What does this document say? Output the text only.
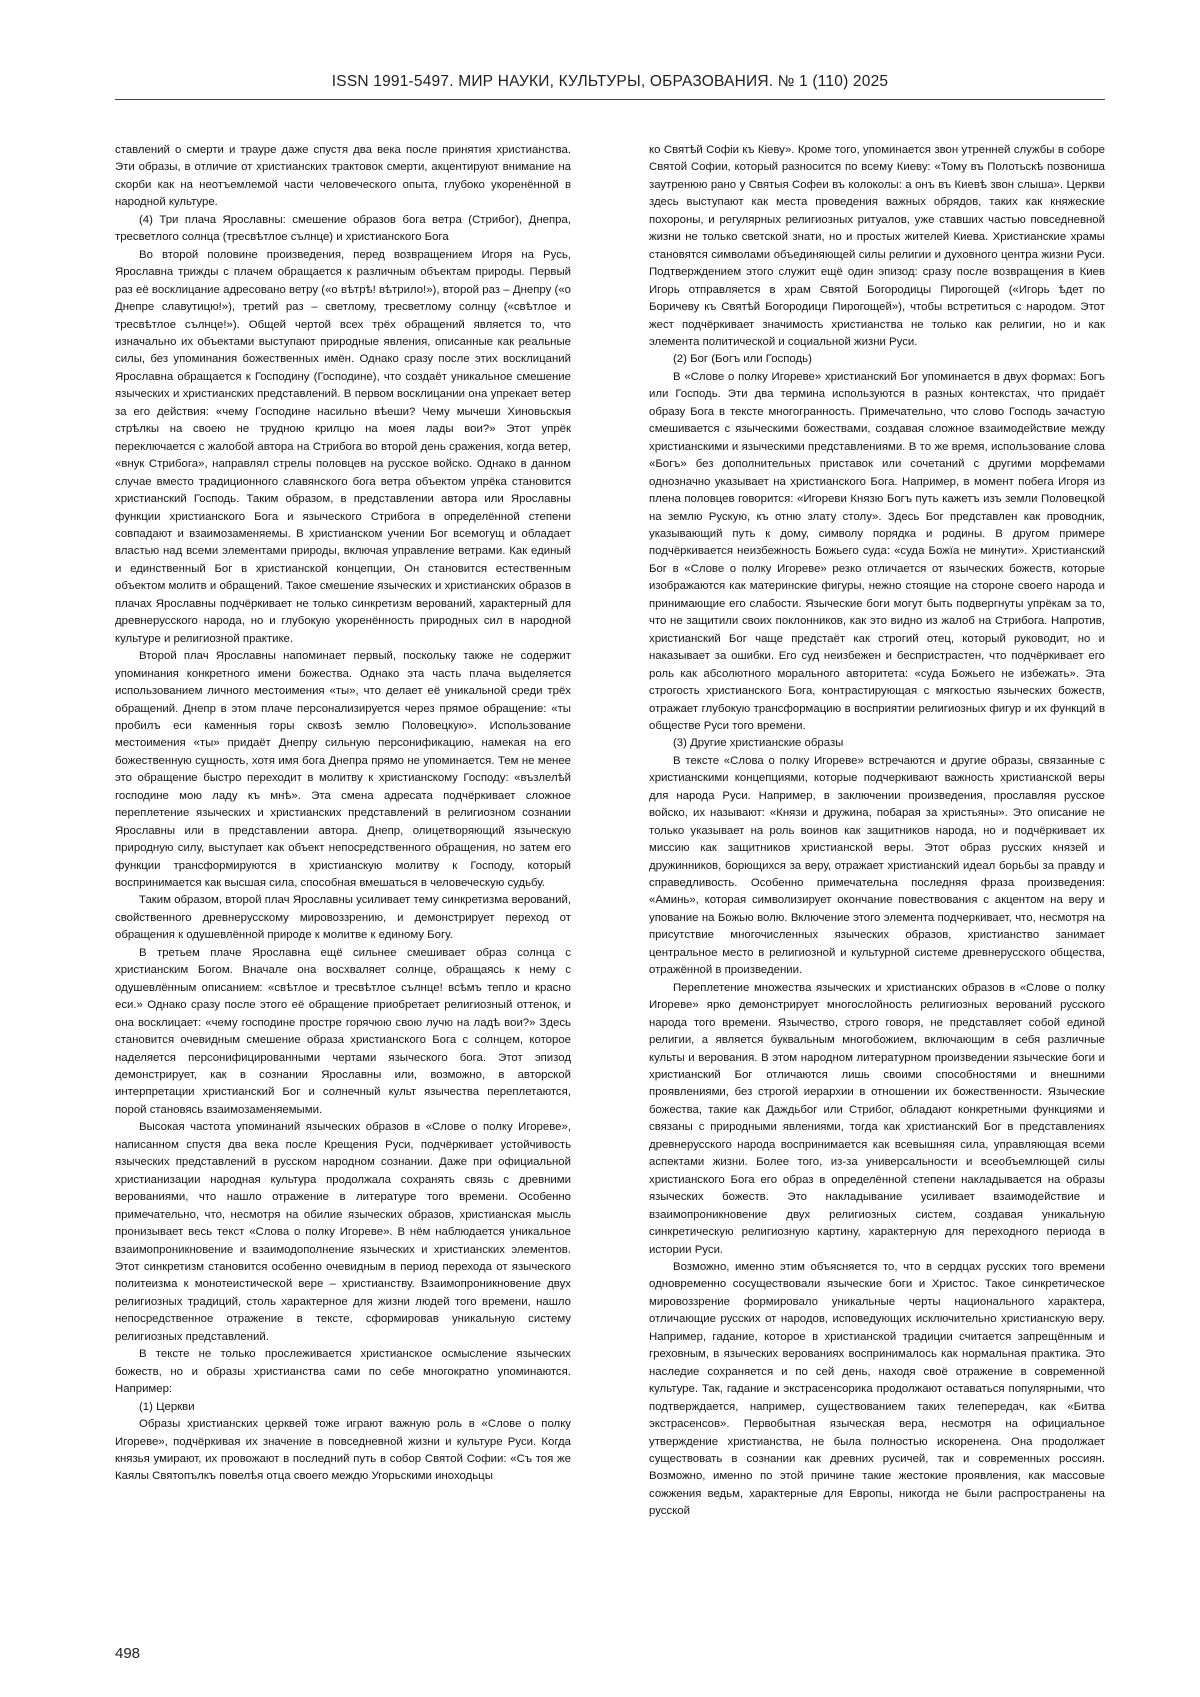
ISSN 1991-5497. МИР НАУКИ, КУЛЬТУРЫ, ОБРАЗОВАНИЯ. № 1 (110) 2025

ставлений о смерти и трауре даже спустя два века после принятия христианства. Эти образы, в отличие от христианских трактовок смерти, акцентируют внимание на скорби как на неотъемлемой части человеческого опыта, глубоко укоренённой в народной культуре.

(4) Три плача Ярославны: смешение образов бога ветра (Стрибог), Днепра, тресветлого солнца (тресвѣтлое сълнце) и христианского Бога

Во второй половине произведения, перед возвращением Игоря на Русь, Ярославна трижды с плачем обращается к различным объектам природы. Первый раз её восклицание адресовано ветру («о вѣтрѣ! вѣтрило!»), второй раз – Днепру («о Днепре славутицю!»), третий раз – светлому, тресветлому солнцу («свѣтлое и тресвѣтлое сълнце!»). Общей чертой всех трёх обращений является то, что изначально их объектами выступают природные явления, описанные как реальные силы, без упоминания божественных имён. Однако сразу после этих восклицаний Ярославна обращается к Господину (Господине), что создаёт уникальное смешение языческих и христианских представлений. В первом восклицании она упрекает ветер за его действия: «чему Господине насильно вѣеши? Чему мычеши Хиновьскыя стрѣлкы на своею не трудною крилцю на моея лады вои?» Этот упрёк переключается с жалобой автора на Стрибога во второй день сражения, когда ветер, «внук Стрибога», направлял стрелы половцев на русское войско. Однако в данном случае вместо традиционного славянского бога ветра объектом упрёка становится христианский Господь. Таким образом, в представлении автора или Ярославны функции христианского Бога и языческого Стрибога в определённой степени совпадают и взаимозаменяемы. В христианском учении Бог всемогущ и обладает властью над всеми элементами природы, включая управление ветрами. Как единый и единственный Бог в христианской концепции, Он становится естественным объектом молитв и обращений. Такое смешение языческих и христианских образов в плачах Ярославны подчёркивает не только синкретизм верований, характерный для древнерусского народа, но и глубокую укоренённость природных сил в народной культуре и религиозной практике.

Второй плач Ярославны напоминает первый, поскольку также не содержит упоминания конкретного имени божества. Однако эта часть плача выделяется использованием личного местоимения «ты», что делает её уникальной среди трёх обращений. Днепр в этом плаче персонализируется через прямое обращение: «ты пробилъ еси каменныя горы сквозѣ землю Половецкую». Использование местоимения «ты» придаёт Днепру сильную персонификацию, намекая на его божественную сущность, хотя имя бога Днепра прямо не упоминается. Тем не менее это обращение быстро переходит в молитву к христианскому Господу: «възлелѣй господине мою ладу къ мнѣ». Эта смена адресата подчёркивает сложное переплетение языческих и христианских представлений в религиозном сознании Ярославны или в представлении автора. Днепр, олицетворяющий языческую природную силу, выступает как объект непосредственного обращения, но затем его функции трансформируются в христианскую молитву к Господу, который воспринимается как высшая сила, способная вмешаться в человеческую судьбу.

Таким образом, второй плач Ярославны усиливает тему синкретизма верований, свойственного древнерусскому мировоззрению, и демонстрирует переход от обращения к одушевлённой природе к молитве к единому Богу.

В третьем плаче Ярославна ещё сильнее смешивает образ солнца с христианским Богом. Вначале она восхваляет солнце, обращаясь к нему с одушевлённым описанием: «свѣтлое и тресвѣтлое сълнце! всѣмъ тепло и красно еси.» Однако сразу после этого её обращение приобретает религиозный оттенок, и она восклицает: «чему господине простре горячюю свою лучю на ладѣ вои?» Здесь становится очевидным смешение образа христианского Бога с солнцем, которое наделяется персонифицированными чертами языческого бога. Этот эпизод демонстрирует, как в сознании Ярославны или, возможно, в авторской интерпретации христианский Бог и солнечный культ язычества переплетаются, порой становясь взаимозаменяемыми.

Высокая частота упоминаний языческих образов в «Слове о полку Игореве», написанном спустя два века после Крещения Руси, подчёркивает устойчивость языческих представлений в русском народном сознании. Даже при официальной христианизации народная культура продолжала сохранять связь с древними верованиями, что нашло отражение в литературе того времени. Особенно примечательно, что, несмотря на обилие языческих образов, христианская мысль пронизывает весь текст «Слова о полку Игореве». В нём наблюдается уникальное взаимопроникновение и взаимодополнение языческих и христианских элементов. Этот синкретизм становится особенно очевидным в период перехода от языческого политеизма к монотеистической вере – христианству. Взаимопроникновение двух религиозных традиций, столь характерное для жизни людей того времени, нашло непосредственное отражение в тексте, сформировав уникальную систему религиозных представлений.

В тексте не только прослеживается христианское осмысление языческих божеств, но и образы христианства сами по себе многократно упоминаются. Например:

(1) Церкви

Образы христианских церквей тоже играют важную роль в «Слове о полку Игореве», подчёркивая их значение в повседневной жизни и культуре Руси. Когда князья умирают, их провожают в последний путь в собор Святой Софии: «Съ тоя же Каялы Святопълкъ повелѣя отца своего междю Угорьскими иноходьцы

ко Святѣй Софіи къ Кіеву». Кроме того, упоминается звон утренней службы в соборе Святой Софии, который разносится по всему Киеву: «Тому въ Полотьскѣ позвонишa заутренюю рано у Святыя Софеи въ колоколы: а онъ въ Киевѣ звон слыша». Церкви здесь выступают как места проведения важных обрядов, таких как княжеские похороны, и регулярных религиозных ритуалов, уже ставших частью повседневной жизни не только светской знати, но и простых жителей Киева. Христианские храмы становятся символами объединяющей силы религии и духовного центра жизни Руси. Подтверждением этого служит ещё один эпизод: сразу после возвращения в Киев Игорь отправляется в храм Святой Богородицы Пирогощей («Игорь ѣдет по Боричеву къ Святѣй Богородици Пирогощей»), чтобы встретиться с народом. Этот жест подчёркивает значимость христианства не только как религии, но и как элемента политической и социальной жизни Руси.

(2) Бог (Богъ или Господь)

В «Слове о полку Игореве» христианский Бог упоминается в двух формах: Богъ или Господь. Эти два термина используются в разных контекстах, что придаёт образу Бога в тексте многогранность. Примечательно, что слово Господь зачастую смешивается с языческими божествами, создавая сложное взаимодействие между христианскими и языческими представлениями. В то же время, использование слова «Богъ» без дополнительных приставок или сочетаний с другими морфемами однозначно указывает на христианского Бога. Например, в момент побега Игоря из плена половцев говорится: «Игореви Князю Богъ путь кажетъ изъ земли Половецкой на землю Рускую, къ отню злату столу». Здесь Бог представлен как проводник, указывающий путь к дому, символу порядка и родины. В другом примере подчёркивается неизбежность Божьего суда: «суда Божïа не минути». Христианский Бог в «Слове о полку Игореве» резко отличается от языческих божеств, которые изображаются как материнские фигуры, нежно стоящие на стороне своего народа и принимающие его слабости. Языческие боги могут быть подвергнуты упрёкам за то, что не защитили своих поклонников, как это видно из жалоб на Стрибога. Напротив, христианский Бог чаще предстаёт как строгий отец, который руководит, но и наказывает за ошибки. Его суд неизбежен и беспристрастен, что подчёркивает его роль как абсолютного морального авторитета: «суда Божьего не избежать». Эта строгость христианского Бога, контрастирующая с мягкостью языческих божеств, отражает глубокую трансформацию в восприятии религиозных фигур и их функций в обществе Руси того времени.

(3) Другие христианские образы

В тексте «Слова о полку Игореве» встречаются и другие образы, связанные с христианскими концепциями, которые подчеркивают важность христианской веры для народа Руси. Например, в заключении произведения, прославляя русское войско, их называют: «Князи и дружина, побарая за христьяны». Это описание не только указывает на роль воинов как защитников народа, но и подчёркивает их миссию как защитников христианской веры. Этот образ русских князей и дружинников, борющихся за веру, отражает христианский идеал борьбы за правду и справедливость. Особенно примечательна последняя фраза произведения: «Аминь», которая символизирует окончание повествования с акцентом на веру и упование на Божью волю. Включение этого элемента подчеркивает, что, несмотря на присутствие многочисленных языческих образов, христианство занимает центральное место в религиозной и культурной системе древнерусского общества, отражённой в произведении.

Переплетение множества языческих и христианских образов в «Слове о полку Игореве» ярко демонстрирует многослойность религиозных верований русского народа того времени. Язычество, строго говоря, не представляет собой единой религии, а является буквальным многобожием, включающим в себя различные культы и верования. В этом народном литературном произведении языческие боги и христианский Бог отличаются лишь своими способностями и внешними проявлениями, без строгой иерархии в отношении их божественности. Языческие божества, такие как Даждьбог или Стрибог, обладают конкретными функциями и связаны с природными явлениями, тогда как христианский Бог в представлениях древнерусского народа воспринимается как всевышняя сила, управляющая всеми аспектами жизни. Более того, из-за универсальности и всеобъемлющей силы христианского Бога его образ в определённой степени накладывается на образы языческих божеств. Это накладывание усиливает взаимодействие и взаимопроникновение двух религиозных систем, создавая уникальную синкретическую религиозную картину, характерную для переходного периода в истории Руси.

Возможно, именно этим объясняется то, что в сердцах русских того времени одновременно сосуществовали языческие боги и Христос. Такое синкретическое мировоззрение формировало уникальные черты национального характера, отличающие русских от народов, исповедующих исключительно христианскую веру. Например, гадание, которое в христианской традиции считается запрещённым и греховным, в языческих верованиях воспринималось как нормальная практика. Это наследие сохраняется и по сей день, находя своё отражение в современной культуре. Так, гадание и экстрасенсорика продолжают оставаться популярными, что подтверждается, например, существованием таких телепередач, как «Битва экстрасенсов». Первобытная языческая вера, несмотря на официальное утверждение христианства, не была полностью искоренена. Она продолжает существовать в сознании как древних русичей, так и современных россиян. Возможно, именно по этой причине такие жестокие проявления, как массовые сожжения ведьм, характерные для Европы, никогда не были распространены на русской

498
